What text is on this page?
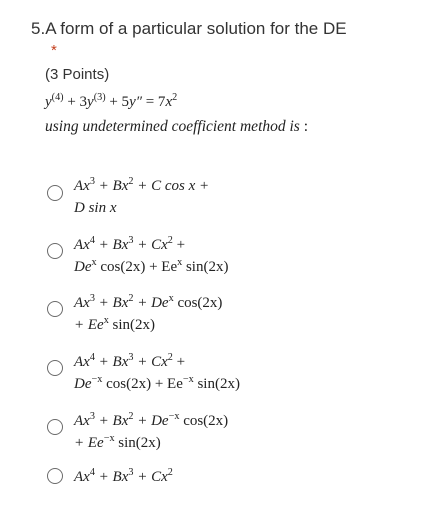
5.A form of a particular solution for the DE
*
(3 Points)
$y^{(4)} + 3y^{(3)} + 5y'' = 7x^2$
using undetermined coefficient method is :
$Ax^3 + Bx^2 + C$ cos x +
D sin x
$Ax^4 + Bx^3 + Cx^2$ +
$De^x$ $\cos(2x) + Ee^x$ sin(2x)
$Ax^3 + Bx^2 + De^x$ cos(2x)
+ $Ee^x$ sin(2x)
$Ax^4 + Bx^3 + Cx^2$ +
$De^{-x}$ $\cos(2x) + Ee^{-x}$ sin(2x)
$Ax^3 + Bx^2 + De^{-x}$ cos(2x)
+ $Ee^{-x}$ sin(2x)
$Ax^4 + Bx^3 + Cx^2$
